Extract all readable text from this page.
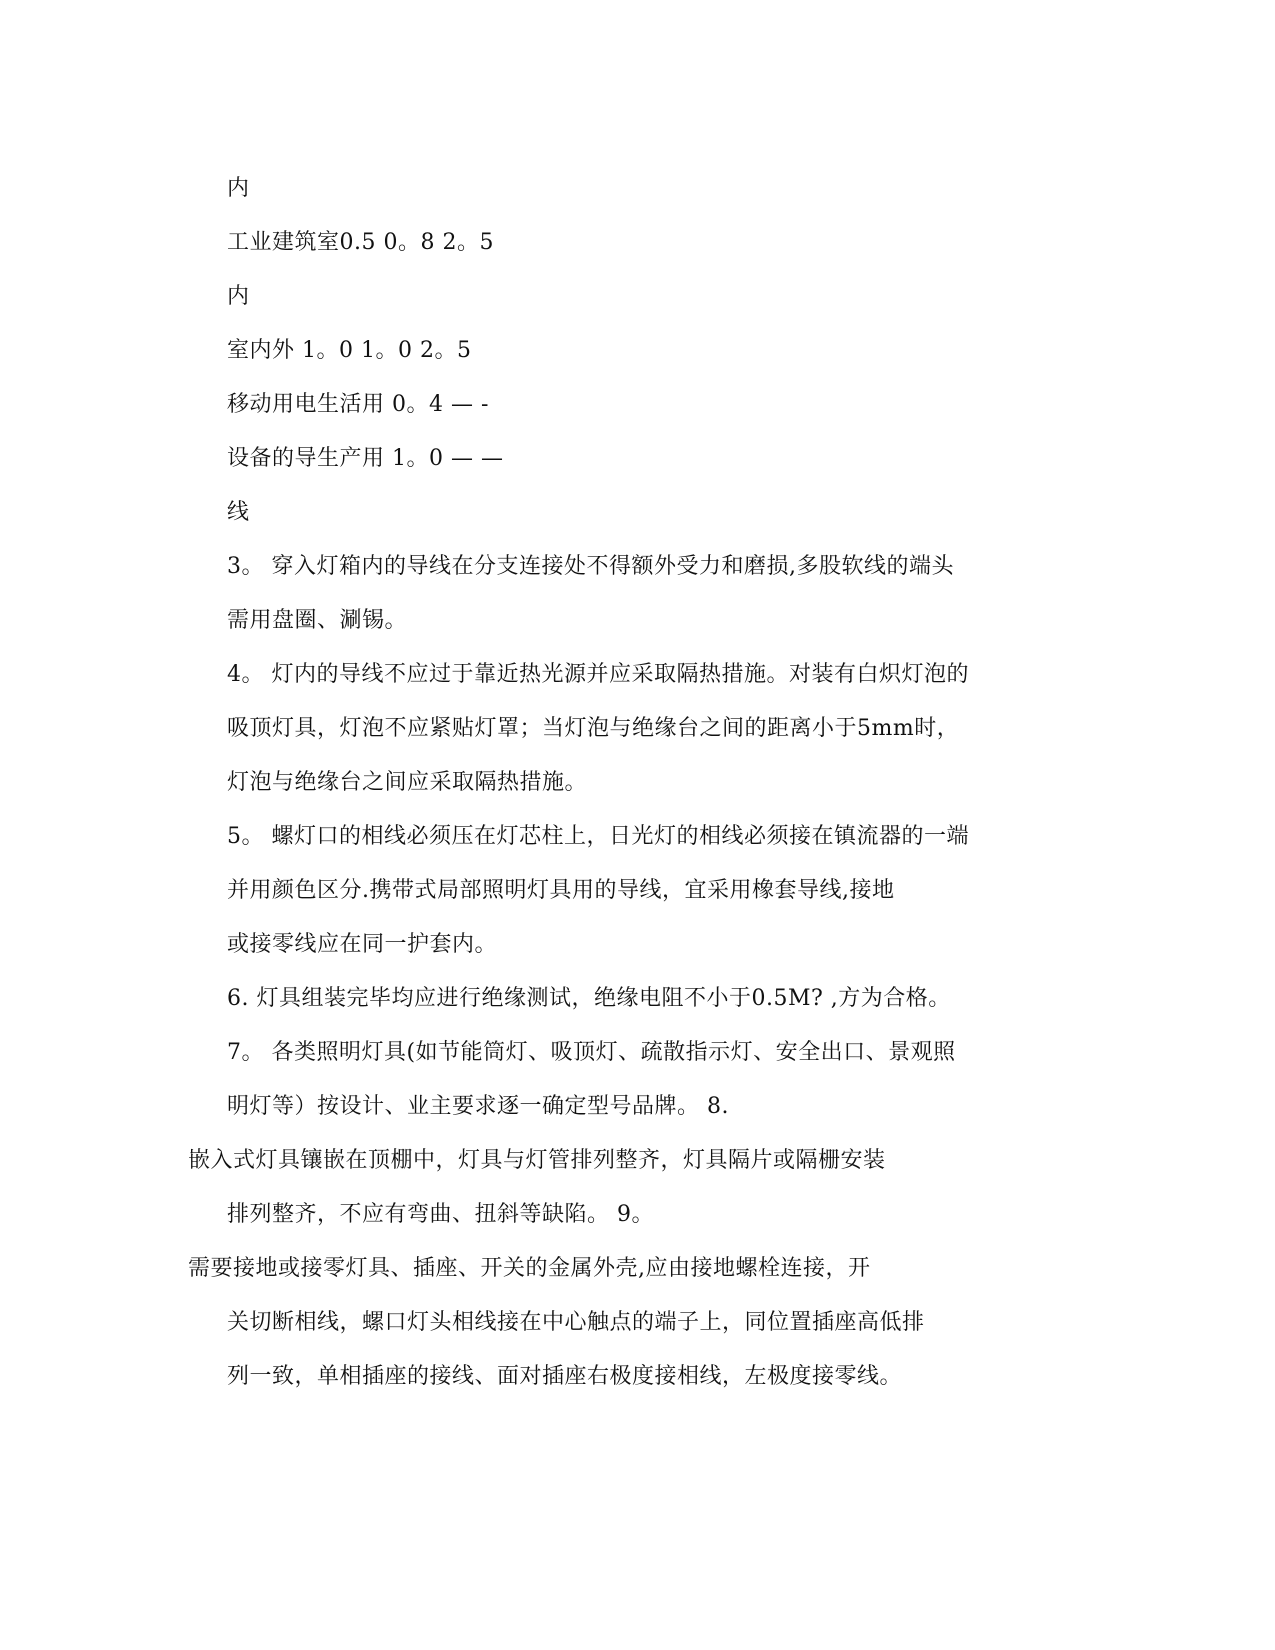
内
工业建筑室0.5 0。8 2。5
内
室内外 1。0 1。0 2。5
移动用电生活用 0。4 — -
设备的导生产用 1。0 — —
线
3。 穿入灯箱内的导线在分支连接处不得额外受力和磨损,多股软线的端头
需用盘圈、涮锡。
4。 灯内的导线不应过于靠近热光源并应采取隔热措施。对装有白炽灯泡的
吸顶灯具，灯泡不应紧贴灯罩；当灯泡与绝缘台之间的距离小于5mm时，
灯泡与绝缘台之间应采取隔热措施。
5。 螺灯口的相线必须压在灯芯柱上，日光灯的相线必须接在镇流器的一端
并用颜色区分.携带式局部照明灯具用的导线，宜采用橡套导线,接地
或接零线应在同一护套内。
6. 灯具组装完毕均应进行绝缘测试，绝缘电阻不小于0.5M? ,方为合格。
7。 各类照明灯具(如节能筒灯、吸顶灯、疏散指示灯、安全出口、景观照
明灯等）按设计、业主要求逐一确定型号品牌。 8.
嵌入式灯具镶嵌在顶棚中，灯具与灯管排列整齐，灯具隔片或隔栅安装
排列整齐，不应有弯曲、扭斜等缺陷。 9。
需要接地或接零灯具、插座、开关的金属外壳,应由接地螺栓连接，开
关切断相线，螺口灯头相线接在中心触点的端子上，同位置插座高低排
列一致，单相插座的接线、面对插座右极度接相线，左极度接零线。
